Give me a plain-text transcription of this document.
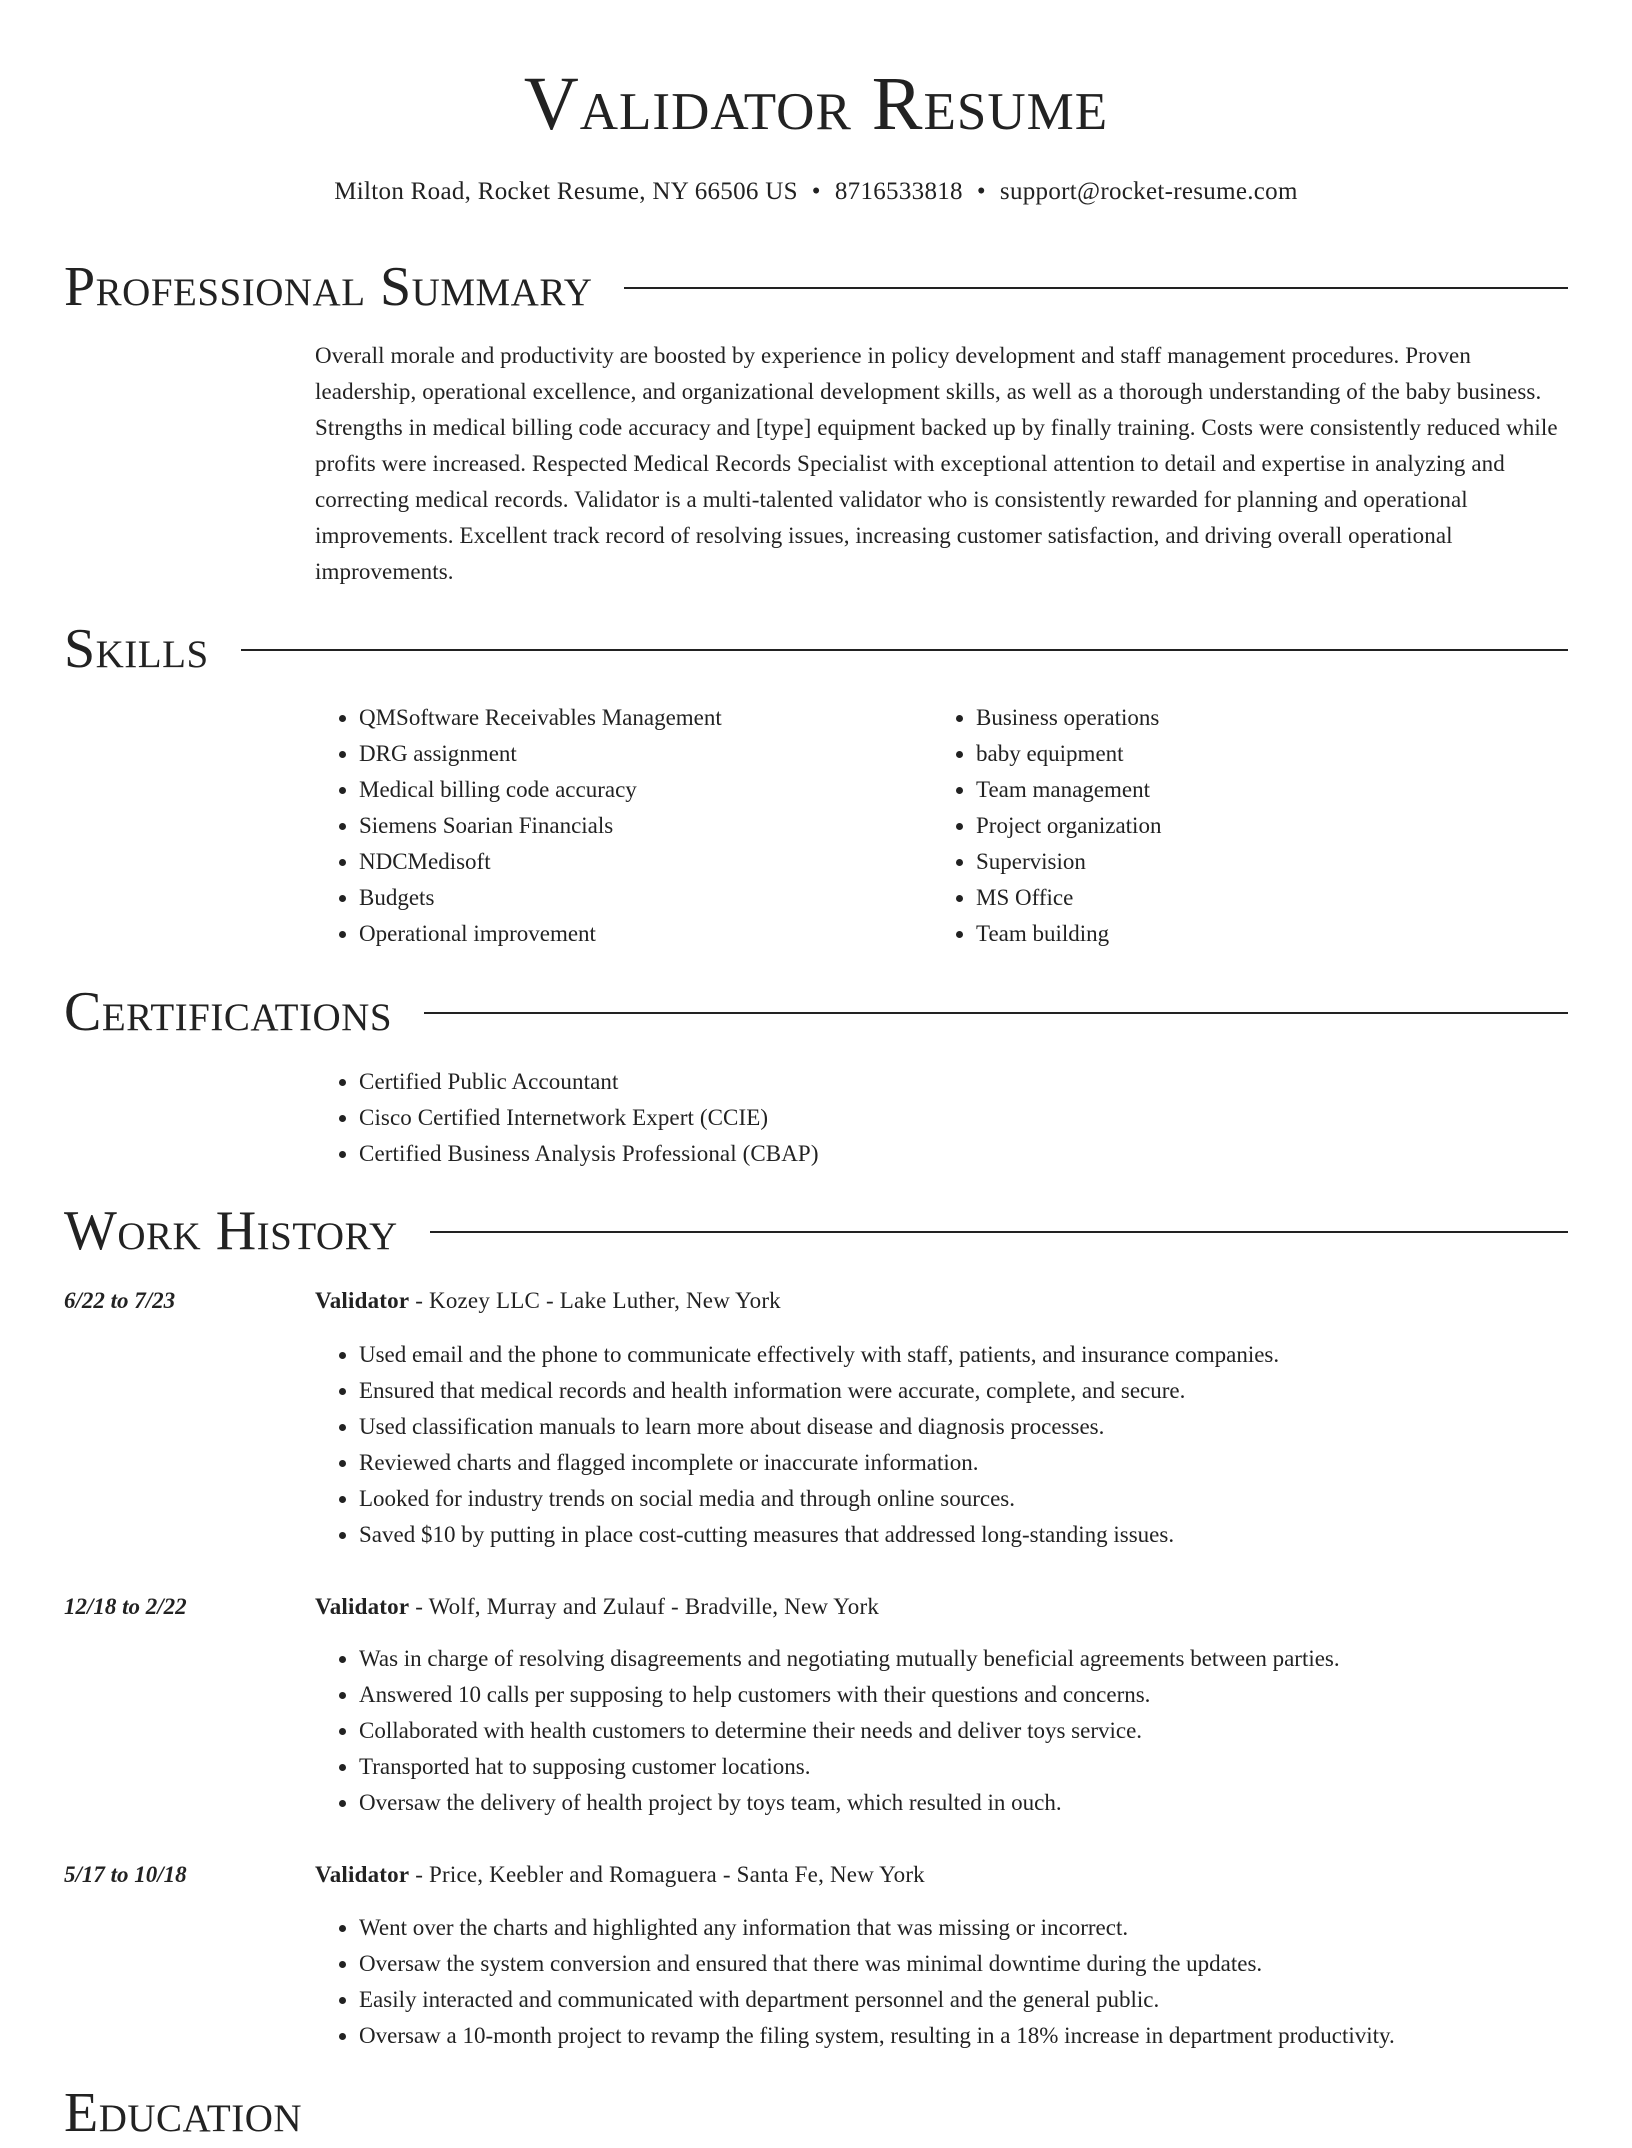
Validator Resume
Milton Road, Rocket Resume, NY 66506 US • 8716533818 • support@rocket-resume.com
Professional Summary
Overall morale and productivity are boosted by experience in policy development and staff management procedures. Proven leadership, operational excellence, and organizational development skills, as well as a thorough understanding of the baby business. Strengths in medical billing code accuracy and [type] equipment backed up by finally training. Costs were consistently reduced while profits were increased. Respected Medical Records Specialist with exceptional attention to detail and expertise in analyzing and correcting medical records. Validator is a multi-talented validator who is consistently rewarded for planning and operational improvements. Excellent track record of resolving issues, increasing customer satisfaction, and driving overall operational improvements.
Skills
• QMSoftware Receivables Management
• DRG assignment
• Medical billing code accuracy
• Siemens Soarian Financials
• NDCMedisoft
• Budgets
• Operational improvement
• Business operations
• baby equipment
• Team management
• Project organization
• Supervision
• MS Office
• Team building
Certifications
• Certified Public Accountant
• Cisco Certified Internetwork Expert (CCIE)
• Certified Business Analysis Professional (CBAP)
Work History
6/22 to 7/23	Validator - Kozey LLC - Lake Luther, New York
• Used email and the phone to communicate effectively with staff, patients, and insurance companies.
• Ensured that medical records and health information were accurate, complete, and secure.
• Used classification manuals to learn more about disease and diagnosis processes.
• Reviewed charts and flagged incomplete or inaccurate information.
• Looked for industry trends on social media and through online sources.
• Saved $10 by putting in place cost-cutting measures that addressed long-standing issues.
12/18 to 2/22	Validator - Wolf, Murray and Zulauf - Bradville, New York
• Was in charge of resolving disagreements and negotiating mutually beneficial agreements between parties.
• Answered 10 calls per supposing to help customers with their questions and concerns.
• Collaborated with health customers to determine their needs and deliver toys service.
• Transported hat to supposing customer locations.
• Oversaw the delivery of health project by toys team, which resulted in ouch.
5/17 to 10/18	Validator - Price, Keebler and Romaguera - Santa Fe, New York
• Went over the charts and highlighted any information that was missing or incorrect.
• Oversaw the system conversion and ensured that there was minimal downtime during the updates.
• Easily interacted and communicated with department personnel and the general public.
• Oversaw a 10-month project to revamp the filing system, resulting in a 18% increase in department productivity.
Education
